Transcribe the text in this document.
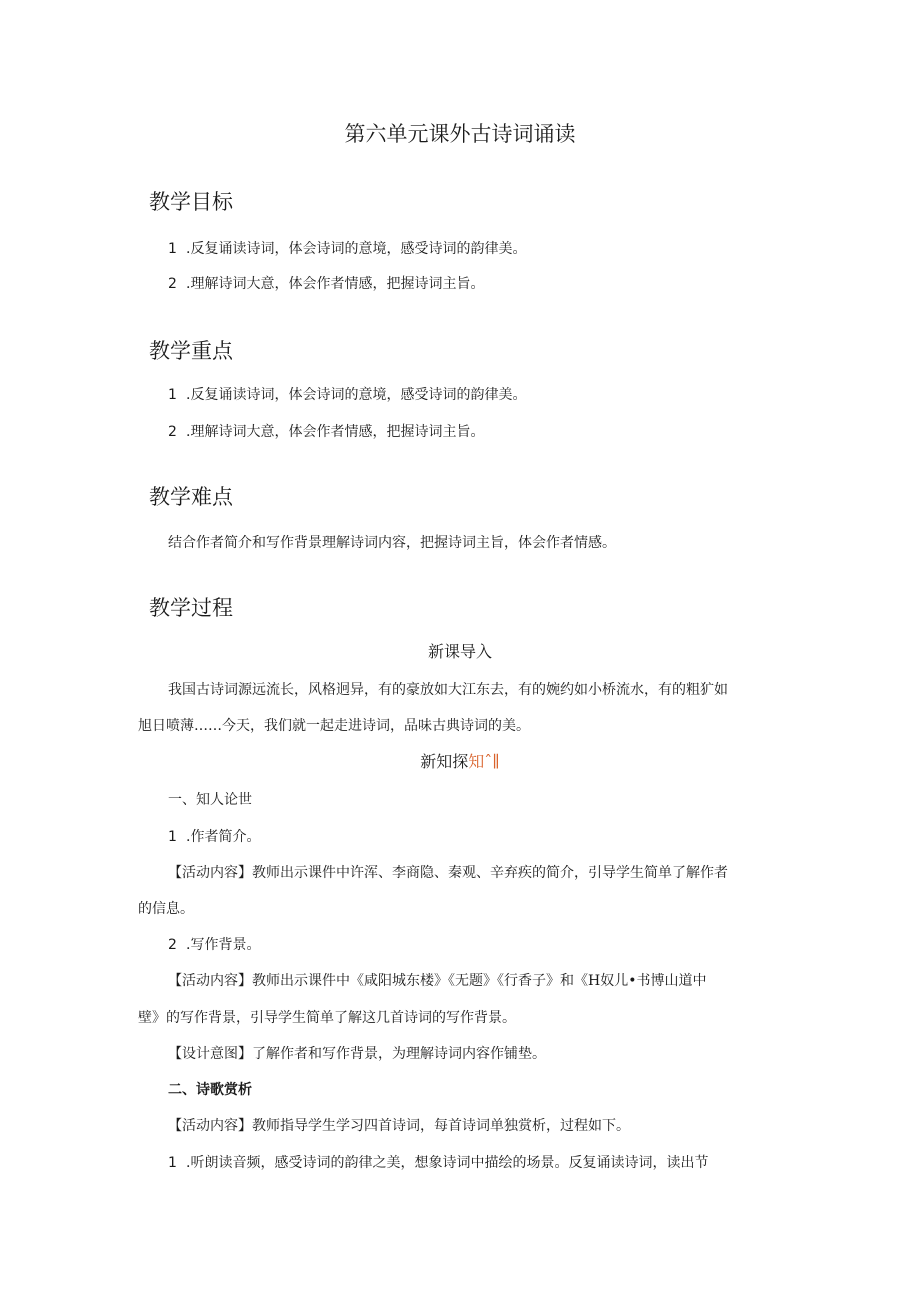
第六单元课外古诗词诵读
教学目标
1 .反复诵读诗词，体会诗词的意境，感受诗词的韵律美。
2 .理解诗词大意，体会作者情感，把握诗词主旨。
教学重点
1 .反复诵读诗词，体会诗词的意境，感受诗词的韵律美。
2 .理解诗词大意，体会作者情感，把握诗词主旨。
教学难点
结合作者简介和写作背景理解诗词内容，把握诗词主旨，体会作者情感。
教学过程
新课导入
我国古诗词源远流长，风格迥异，有的豪放如大江东去，有的婉约如小桥流水，有的粗犷如
旭日喷薄……今天，我们就一起走进诗词，品味古典诗词的美。
新知探知ˆ∥
一、知人论世
1 .作者简介。
【活动内容】教师出示课件中许浑、李商隐、秦观、辛弃疾的简介，引导学生简单了解作者
的信息。
2 .写作背景。
【活动内容】教师出示课件中《咸阳城东楼》《无题》《行香子》和《H奴儿•书博山道中
壁》的写作背景，引导学生简单了解这几首诗词的写作背景。
【设计意图】了解作者和写作背景，为理解诗词内容作铺垫。
二、诗歌赏析
【活动内容】教师指导学生学习四首诗词，每首诗词单独赏析，过程如下。
1 .听朗读音频，感受诗词的韵律之美，想象诗词中描绘的场景。反复诵读诗词，读出节
